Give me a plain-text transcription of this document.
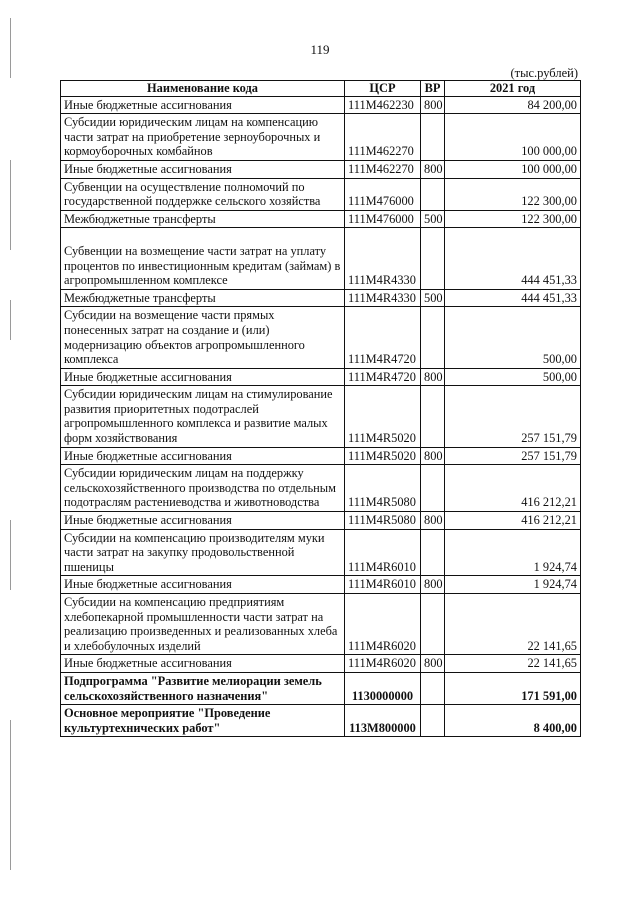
119
(тыс.рублей)
Наименование кода	ЦСР	ВР	2021 год
Иные бюджетные ассигнования	111M462230	800	84 200,00
Субсидии юридическим лицам на компенсацию части затрат на приобретение зерноуборочных и кормоуборочных комбайнов	111M462270		100 000,00
Иные бюджетные ассигнования	111M462270	800	100 000,00
Субвенции на осуществление полномочий по государственной поддержке сельского хозяйства	111M476000		122 300,00
Межбюджетные трансферты	111M476000	500	122 300,00

Субвенции на возмещение части затрат на уплату процентов по инвестиционным кредитам (займам) в агропромышленном комплексе	111M4R4330		444 451,33
Межбюджетные трансферты	111M4R4330	500	444 451,33
Субсидии на возмещение части прямых понесенных затрат на создание и (или) модернизацию объектов агропромышленного комплекса	111M4R4720		500,00
Иные бюджетные ассигнования	111M4R4720	800	500,00
Субсидии юридическим лицам на стимулирование развития приоритетных подотраслей агропромышленного комплекса и развитие малых форм хозяйствования	111M4R5020		257 151,79
Иные бюджетные ассигнования	111M4R5020	800	257 151,79
Субсидии юридическим лицам на поддержку сельскохозяйственного производства по отдельным подотраслям растениеводства и животноводства	111M4R5080		416 212,21
Иные бюджетные ассигнования	111M4R5080	800	416 212,21
Субсидии на компенсацию производителям муки части затрат на закупку продовольственной пшеницы	111M4R6010		1 924,74
Иные бюджетные ассигнования	111M4R6010	800	1 924,74
Субсидии на компенсацию предприятиям хлебопекарной промышленности части затрат на реализацию произведенных и реализованных хлеба и хлебобулочных изделий	111M4R6020		22 141,65
Иные бюджетные ассигнования	111M4R6020	800	22 141,65
Подпрограмма "Развитие мелиорации земель сельскохозяйственного назначения"	1130000000		171 591,00
Основное мероприятие "Проведение культуртехнических работ"	113M800000		8 400,00
